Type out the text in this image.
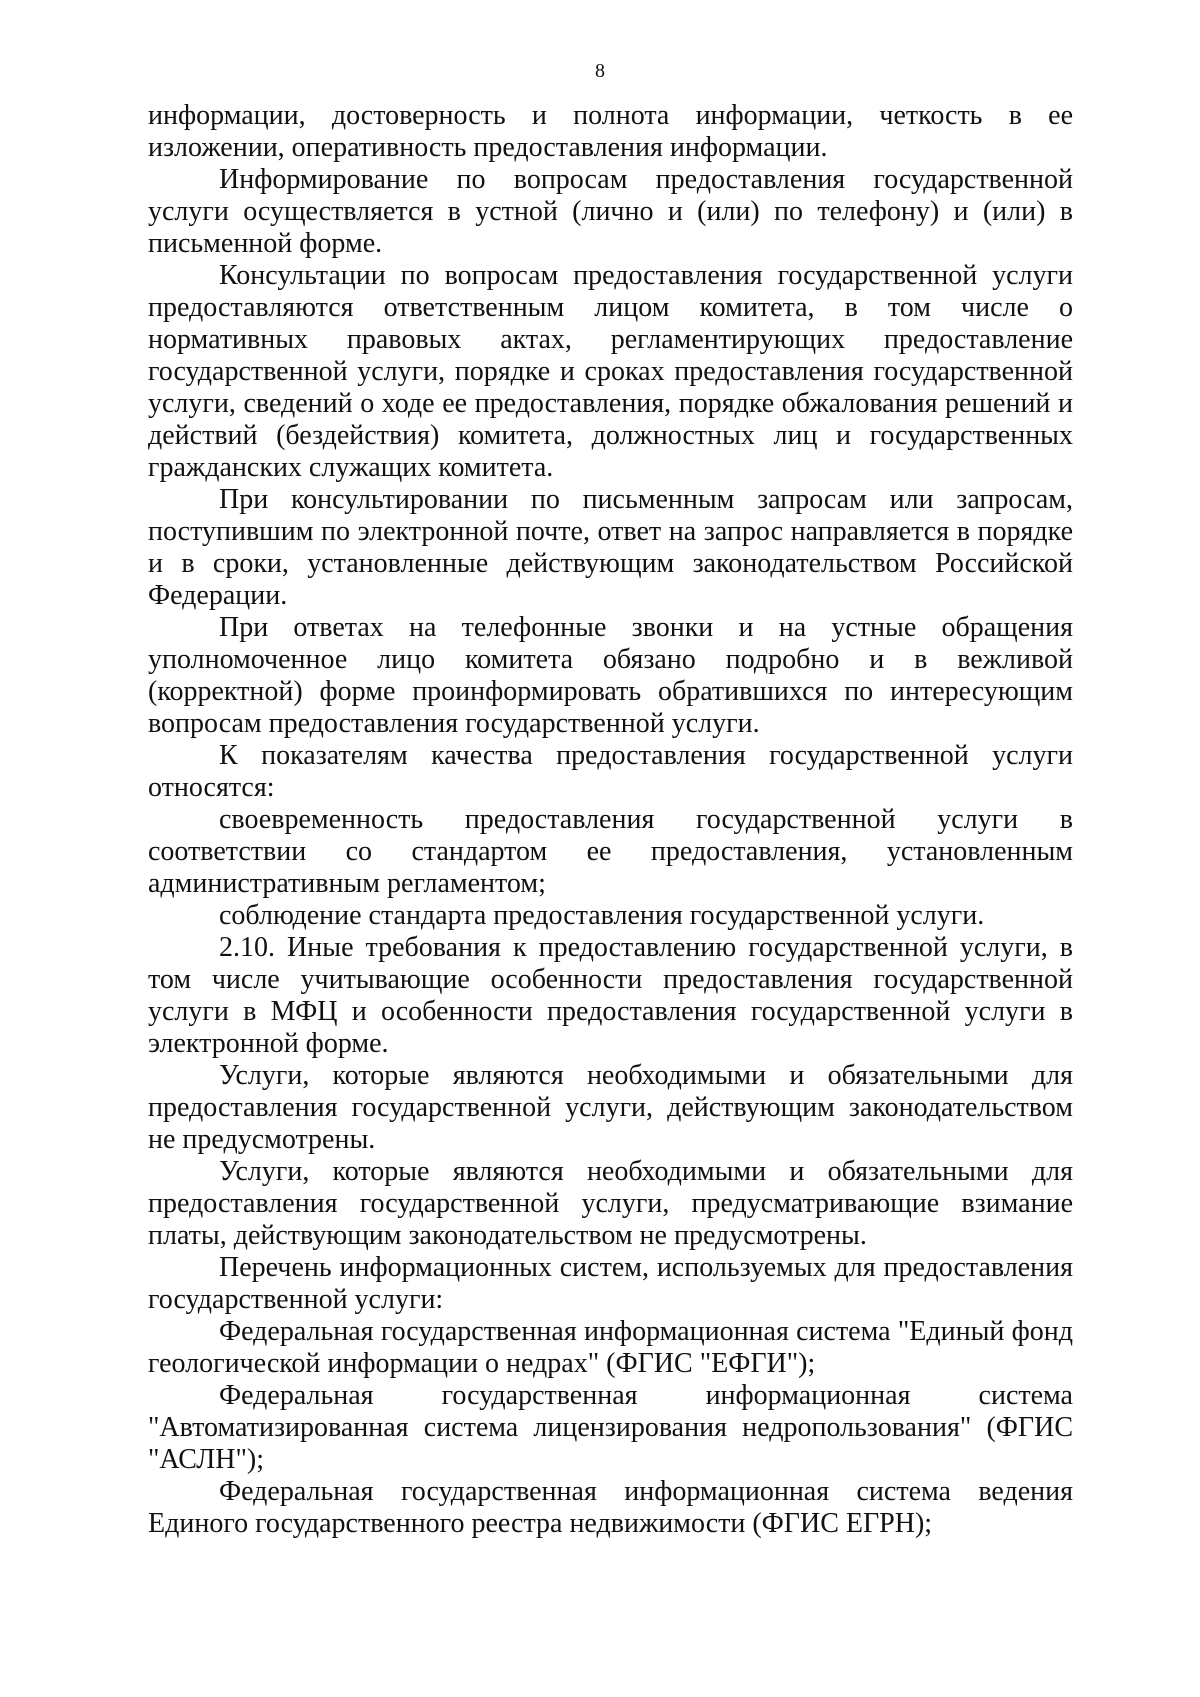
8

информации, достоверность и полнота информации, четкость в ее изложении, оперативность предоставления информации.

Информирование по вопросам предоставления государственной услуги осуществляется в устной (лично и (или) по телефону) и (или) в письменной форме.

Консультации по вопросам предоставления государственной услуги предоставляются ответственным лицом комитета, в том числе о нормативных правовых актах, регламентирующих предоставление государственной услуги, порядке и сроках предоставления государственной услуги, сведений о ходе ее предоставления, порядке обжалования решений и действий (бездействия) комитета, должностных лиц и государственных гражданских служащих комитета.

При консультировании по письменным запросам или запросам, поступившим по электронной почте, ответ на запрос направляется в порядке и в сроки, установленные действующим законодательством Российской Федерации.

При ответах на телефонные звонки и на устные обращения уполномоченное лицо комитета обязано подробно и в вежливой (корректной) форме проинформировать обратившихся по интересующим вопросам предоставления государственной услуги.

К показателям качества предоставления государственной услуги относятся:

своевременность предоставления государственной услуги в соответствии со стандартом ее предоставления, установленным административным регламентом;

соблюдение стандарта предоставления государственной услуги.

2.10. Иные требования к предоставлению государственной услуги, в том числе учитывающие особенности предоставления государственной услуги в МФЦ и особенности предоставления государственной услуги в электронной форме.

Услуги, которые являются необходимыми и обязательными для предоставления государственной услуги, действующим законодательством не предусмотрены.

Услуги, которые являются необходимыми и обязательными для предоставления государственной услуги, предусматривающие взимание платы, действующим законодательством не предусмотрены.

Перечень информационных систем, используемых для предоставления государственной услуги:

Федеральная государственная информационная система "Единый фонд геологической информации о недрах" (ФГИС "ЕФГИ");

Федеральная государственная информационная система "Автоматизированная система лицензирования недропользования" (ФГИС "АСЛН");

Федеральная государственная информационная система ведения Единого государственного реестра недвижимости (ФГИС ЕГРН);
